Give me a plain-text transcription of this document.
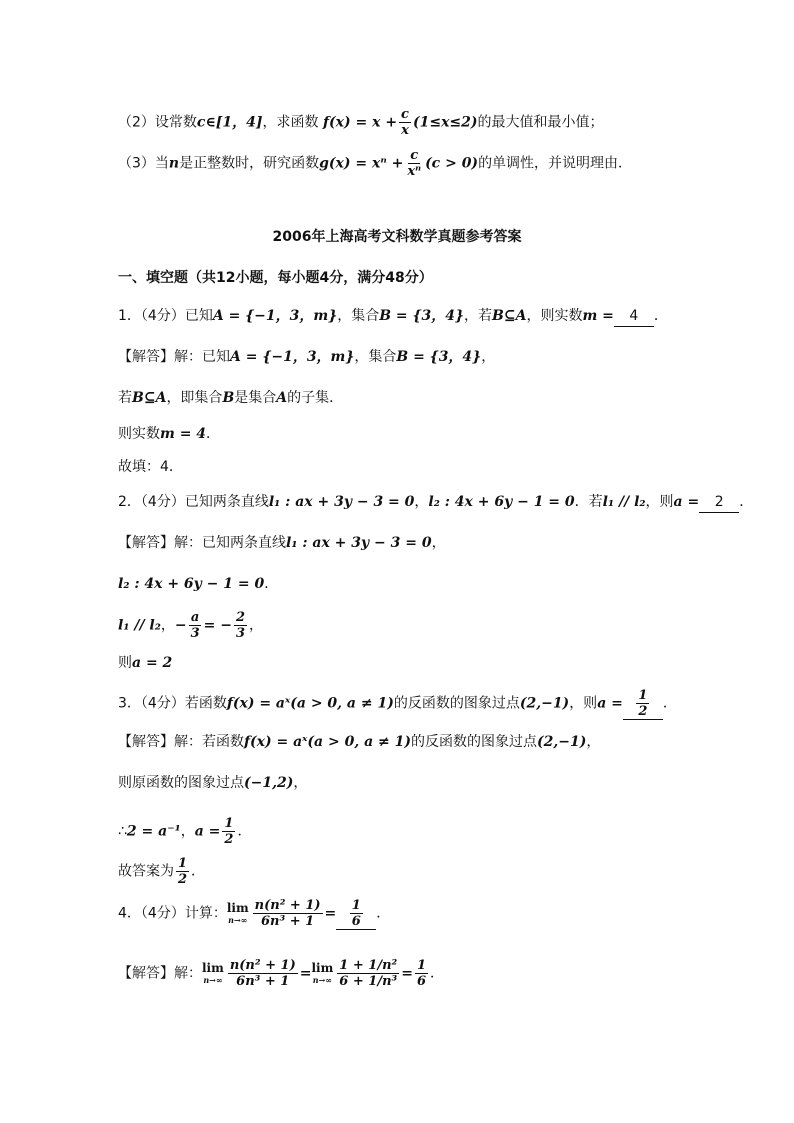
（2）设常数c∈[1，4]，求函数 $f(x) = x + \frac{c}{x} (1\le x\le 2)$的最大值和最小值；
（3）当n是正整数时，研究函数$g(x) = x^n + \frac{c}{\text{xⁿ}} (c > 0)$的单调性，并说明理由．
2006年上海高考文科数学真题参考答案
一、填空题（共12小题，每小题4分，满分48分）
1．（4分）已知A = {−1，3，m}，集合B = {3，4}，若B⊆A，则实数m = 4 ．
【解答】解：已知A = {−1，3，m}，集合B = {3，4}，
若B⊆A，即集合B是集合A的子集．
则实数m = 4．
故填：4．
2．（4分）已知两条直线l₁ : ax + 3y − 3 = 0，l₂ : 4x + 6y − 1 = 0．若l₁ // l₂，则a = 2 ．
【解答】解：已知两条直线l₁ : ax + 3y − 3 = 0，
l₂ : 4x + 6y − 1 = 0．
l₁ // l₂，− $\frac{a}{3}$ = − $\frac{2}{3}$ ，
则a = 2
3．（4分）若函数f(x) = aˣ(a > 0, a ≠ 1)的反函数的图象过点(2,−1)，则$a = \frac{1}{2}$ ．
【解答】解：若函数f(x) = aˣ(a > 0, a ≠ 1)的反函数的图象过点(2,−1)，
则原函数的图象过点(−1,2)，
∴2 = a⁻¹，$a = \frac{1}{2}$ ．
故答案为 $\frac{1}{2}$ ．
4．（4分）计算： lim
$n\to\infty \frac{\text{n(n² + 1)}}{\text{6n³ + 1}} = \frac{1}{6}$ ．
【解答】解： lim
$n\to\infty \frac{\text{n(n² + 1)}}{\text{6n³ + 1}} = \lim$
$n\to\infty \frac{\text{1 + 1/n²}}{\text{6 + 1/n³}} = \frac{1}{6}$ ．
